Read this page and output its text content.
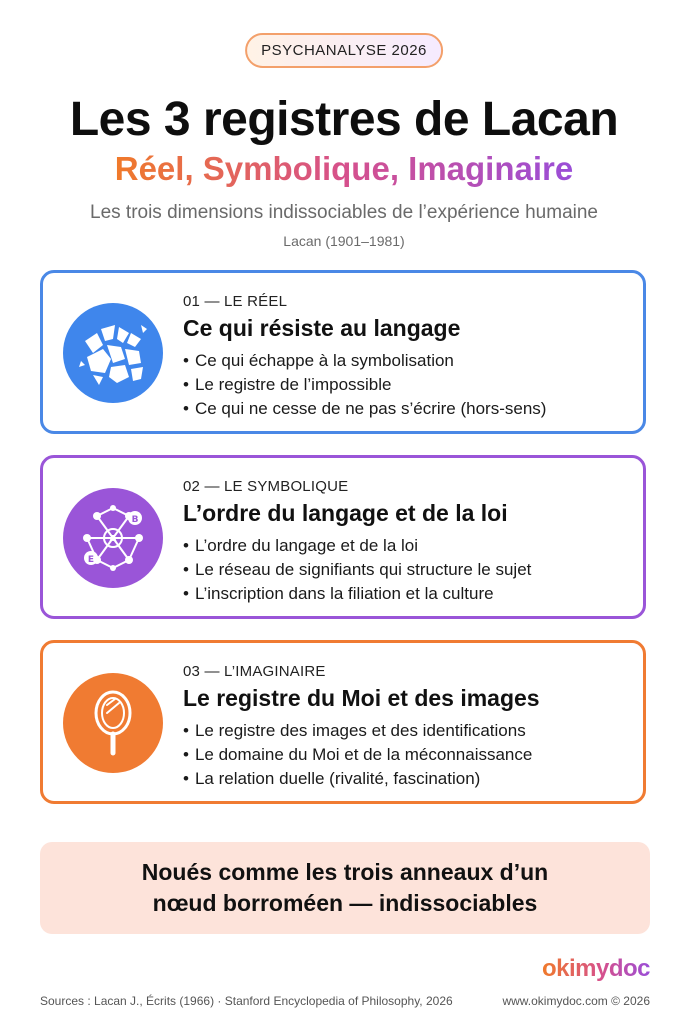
PSYCHANALYSE 2026
Les 3 registres de Lacan
Réel, Symbolique, Imaginaire
Les trois dimensions indissociables de l’expérience humaine
Lacan (1901–1981)
01 — LE RÉEL
Ce qui résiste au langage
• Ce qui échappe à la symbolisation
• Le registre de l’impossible
• Ce qui ne cesse de ne pas s’écrire (hors-sens)
B
E
A
02 — LE SYMBOLIQUE
L’ordre du langage et de la loi
• L’ordre du langage et de la loi
• Le réseau de signifiants qui structure le sujet
• L’inscription dans la filiation et la culture
03 — L’IMAGINAIRE
Le registre du Moi et des images
• Le registre des images et des identifications
• Le domaine du Moi et de la méconnaissance
• La relation duelle (rivalité, fascination)

Noués comme les trois anneaux d’un
nœud borroméen — indissociables

okimydoc
Sources : Lacan J., Écrits (1966) · Stanford Encyclopedia of Philosophy, 2026	www.okimydoc.com © 2026
